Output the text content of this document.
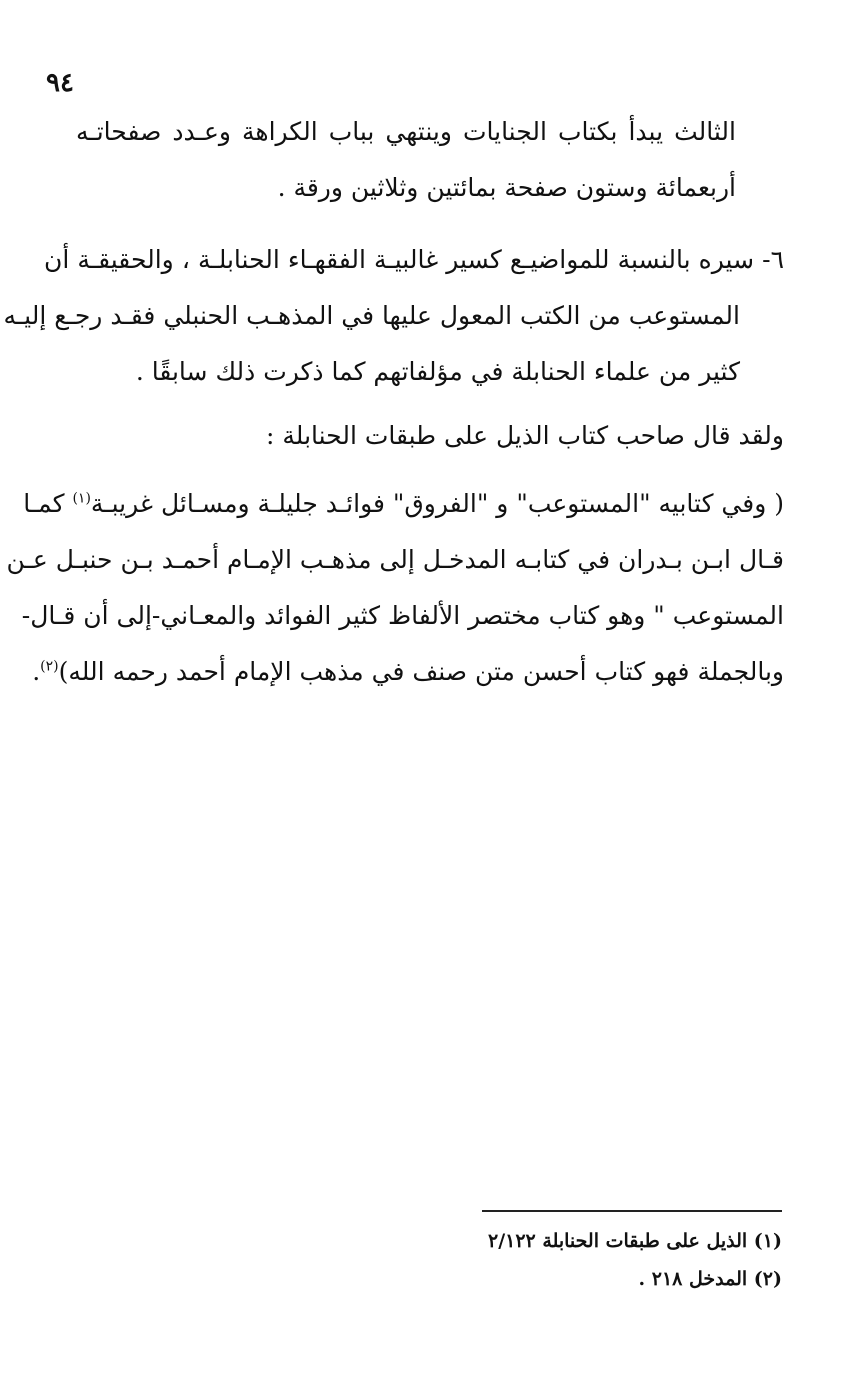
٩٤
الثالث يبدأ بكتاب الجنايات وينتهي بباب الكراهة وعـدد صفحاتـه
أربعمائة وستون صفحة بمائتين وثلاثين ورقة .
٦- سيره بالنسبة للمواضيـع كسير غالبيـة الفقهـاء الحنابلـة ، والحقيقـة أن
المستوعب من الكتب المعول عليها في المذهـب الحنبلي فقـد رجـع إليـه
كثير من علماء الحنابلة في مؤلفاتهم كما ذكرت ذلك سابقًا .
ولقد قال صاحب كتاب الذيل على طبقات الحنابلة :
( وفي كتابيه "المستوعب" و "الفروق" فوائـد جليلـة ومسـائل غريبـة$^{(١)}$ كمـا
قـال ابـن بـدران في كتابـه المدخـل إلى مذهـب الإمـام أحمـد بـن حنبـل عـن
المستوعب " وهو كتاب مختصر الألفاظ كثير الفوائد والمعـاني-إلى أن قـال-
وبالجملة فهو كتاب أحسن متن صنف في مذهب الإمام أحمد رحمه الله)$^{(٢)}$.
(١) الذيل على طبقات الحنابلة ٢/١٢٢
(٢) المدخل ٢١٨ .
